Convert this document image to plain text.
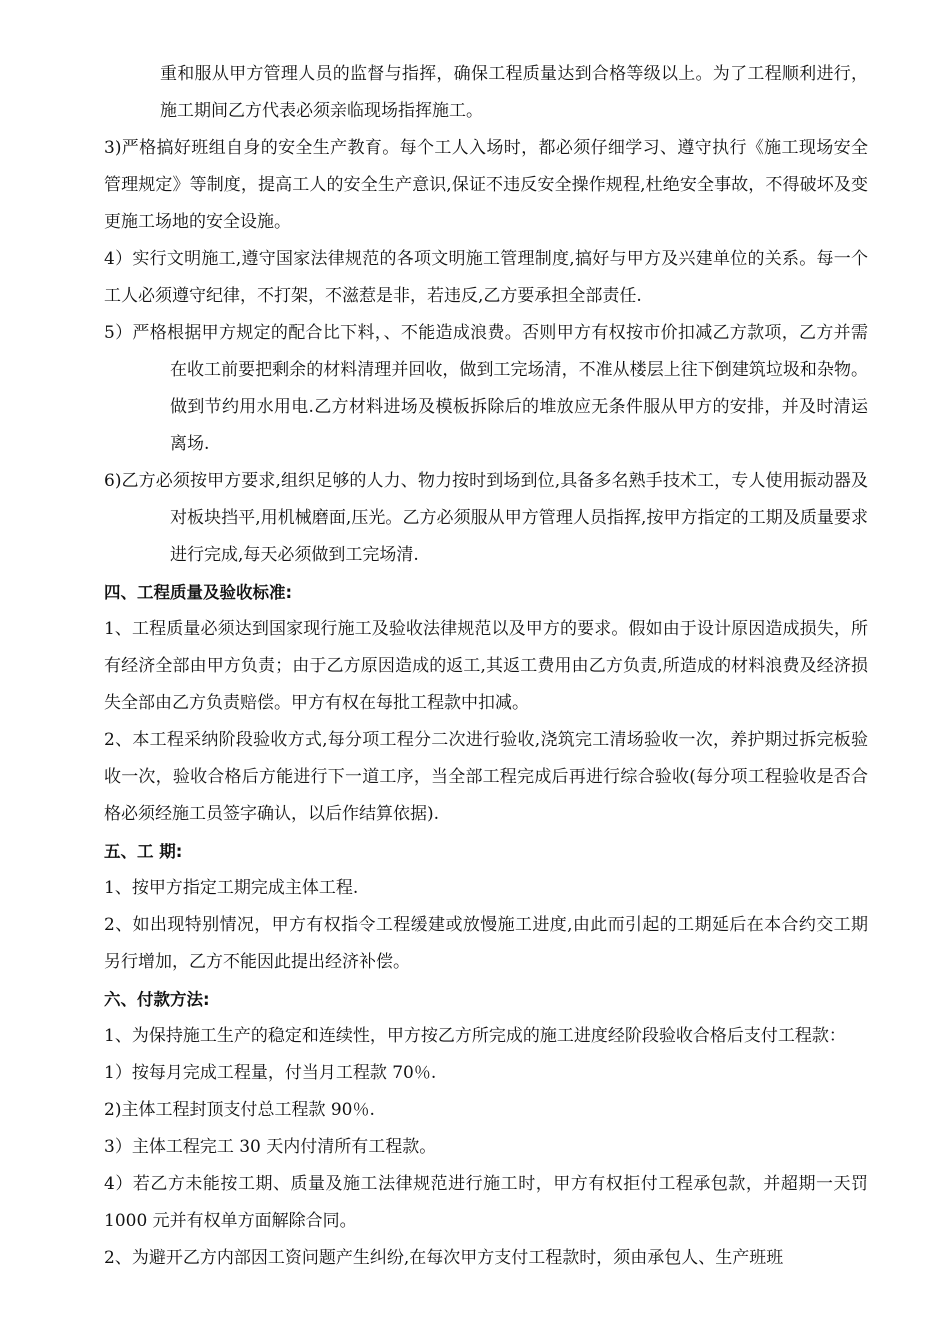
重和服从甲方管理人员的监督与指挥，确保工程质量达到合格等级以上。为了工程顺利进行，施工期间乙方代表必须亲临现场指挥施工。

3)严格搞好班组自身的安全生产教育。每个工人入场时，都必须仔细学习、遵守执行《施工现场安全管理规定》等制度，提高工人的安全生产意识,保证不违反安全操作规程,杜绝安全事故，不得破坏及变更施工场地的安全设施。

4）实行文明施工,遵守国家法律规范的各项文明施工管理制度,搞好与甲方及兴建单位的关系。每一个工人必须遵守纪律，不打架，不滋惹是非，若违反,乙方要承担全部责任.

5）严格根据甲方规定的配合比下料，、不能造成浪费。否则甲方有权按市价扣减乙方款项，乙方并需在收工前要把剩余的材料清理并回收，做到工完场清，不准从楼层上往下倒建筑垃圾和杂物。做到节约用水用电.乙方材料进场及模板拆除后的堆放应无条件服从甲方的安排，并及时清运离场.

6)乙方必须按甲方要求,组织足够的人力、物力按时到场到位,具备多名熟手技术工，专人使用振动器及对板块挡平,用机械磨面,压光。乙方必须服从甲方管理人员指挥,按甲方指定的工期及质量要求进行完成,每天必须做到工完场清.

四、工程质量及验收标准:

1、工程质量必须达到国家现行施工及验收法律规范以及甲方的要求。假如由于设计原因造成损失，所有经济全部由甲方负责；由于乙方原因造成的返工,其返工费用由乙方负责,所造成的材料浪费及经济损失全部由乙方负责赔偿。甲方有权在每批工程款中扣减。

2、本工程采纳阶段验收方式,每分项工程分二次进行验收,浇筑完工清场验收一次，养护期过拆完板验收一次，验收合格后方能进行下一道工序，当全部工程完成后再进行综合验收(每分项工程验收是否合格必须经施工员签字确认，以后作结算依据).

五、工 期:

1、按甲方指定工期完成主体工程.

2、如出现特别情况，甲方有权指令工程缓建或放慢施工进度,由此而引起的工期延后在本合约交工期另行增加，乙方不能因此提出经济补偿。

六、付款方法:

1、为保持施工生产的稳定和连续性，甲方按乙方所完成的施工进度经阶段验收合格后支付工程款：

1）按每月完成工程量，付当月工程款 70％.

2)主体工程封顶支付总工程款 90％.

3）主体工程完工 30 天内付清所有工程款。

4）若乙方未能按工期、质量及施工法律规范进行施工时，甲方有权拒付工程承包款，并超期一天罚 1000 元并有权单方面解除合同。

2、为避开乙方内部因工资问题产生纠纷,在每次甲方支付工程款时，须由承包人、生产班班
